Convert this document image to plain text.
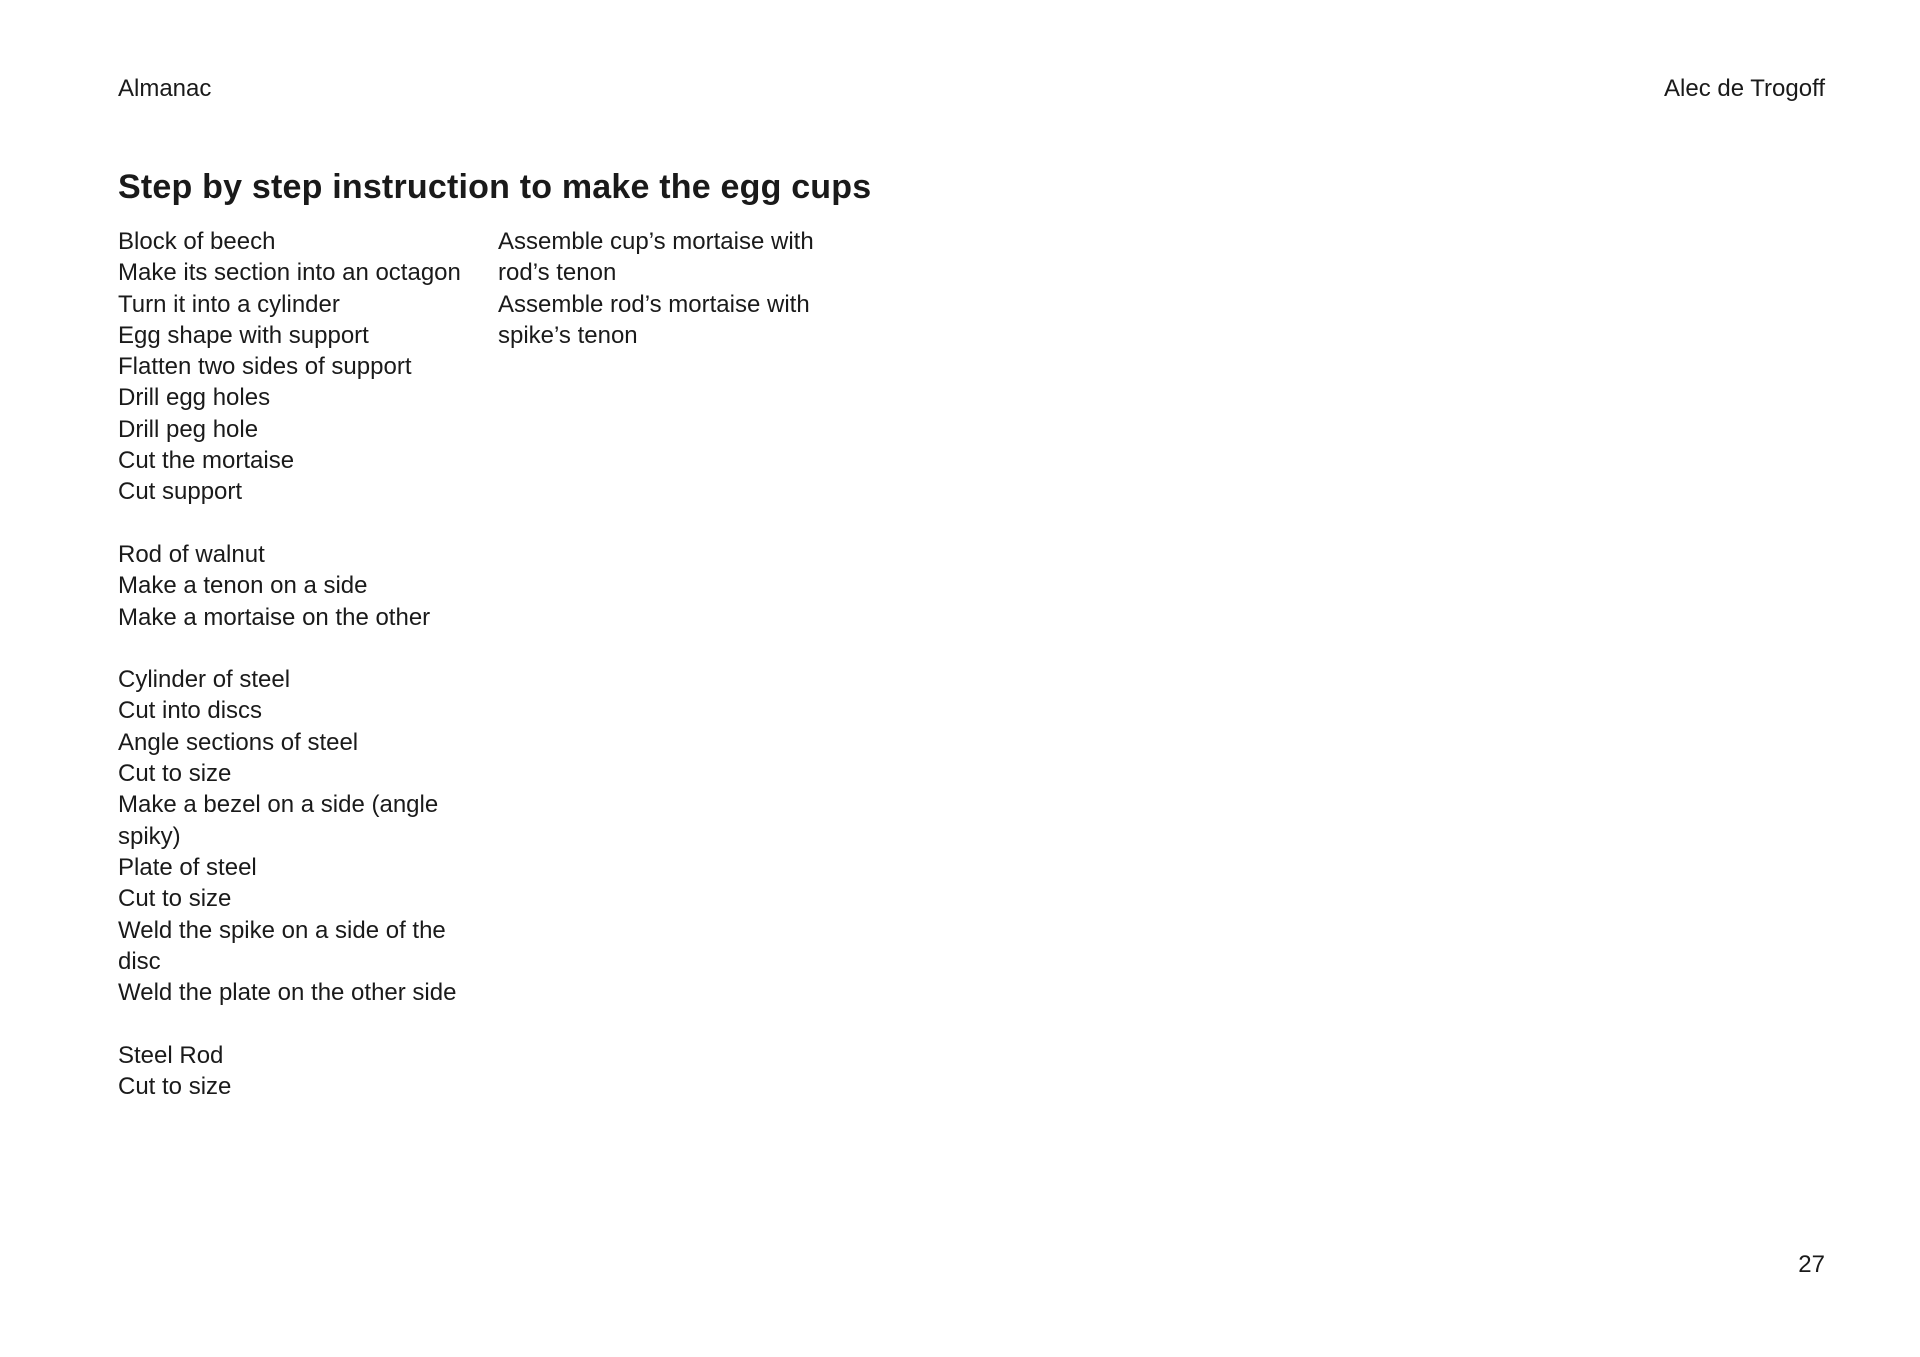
Almanac	Alec de Trogoff
Step by step instruction to make the egg cups
Block of beech
Make its section into an octagon
Turn it into a cylinder
Egg shape with support
Flatten two sides of support
Drill egg holes
Drill peg hole
Cut the mortaise
Cut support
Rod of walnut
Make a tenon on a side
Make a mortaise on the other
Cylinder of steel
Cut into discs
Angle sections of steel
Cut to size
Make a bezel on a side (angle spiky)
Plate of steel
Cut to size
Weld the spike on a side of the disc
Weld the plate on the other side
Steel Rod
Cut to size
Assemble cup’s mortaise with rod’s tenon
Assemble rod’s mortaise with spike’s tenon
27
